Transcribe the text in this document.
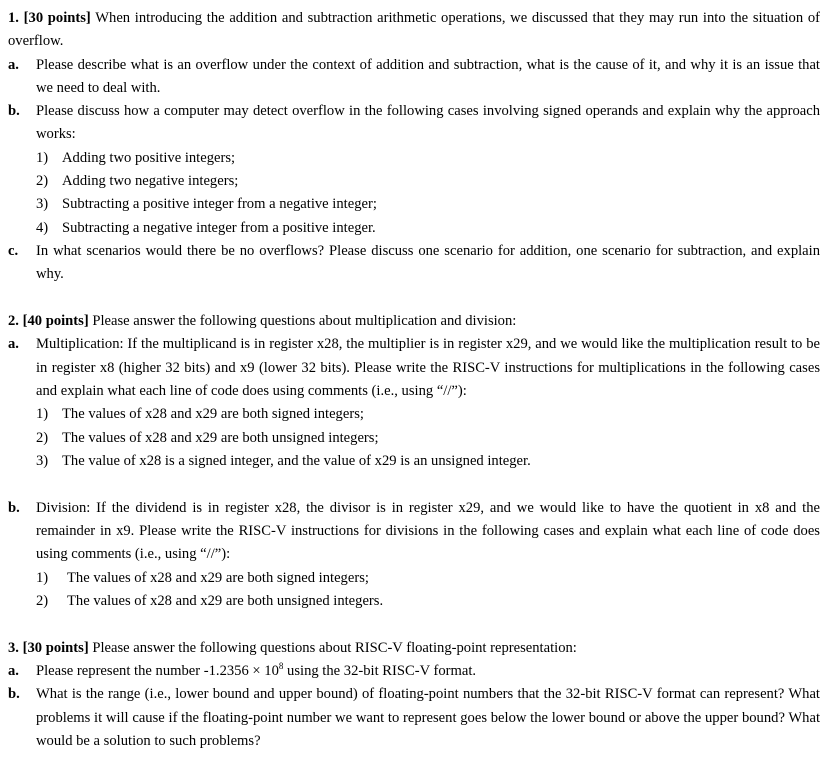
1. [30 points] When introducing the addition and subtraction arithmetic operations, we discussed that they may run into the situation of overflow.
a.	Please describe what is an overflow under the context of addition and subtraction, what is the cause of it, and why it is an issue that we need to deal with.
b.	Please discuss how a computer may detect overflow in the following cases involving signed operands and explain why the approach works:
1) Adding two positive integers;
2) Adding two negative integers;
3) Subtracting a positive integer from a negative integer;
4) Subtracting a negative integer from a positive integer.
c.	In what scenarios would there be no overflows? Please discuss one scenario for addition, one scenario for subtraction, and explain why.
2. [40 points] Please answer the following questions about multiplication and division:
a.	Multiplication: If the multiplicand is in register x28, the multiplier is in register x29, and we would like the multiplication result to be in register x8 (higher 32 bits) and x9 (lower 32 bits). Please write the RISC-V instructions for multiplications in the following cases and explain what each line of code does using comments (i.e., using “//”):
1) The values of x28 and x29 are both signed integers;
2) The values of x28 and x29 are both unsigned integers;
3) The value of x28 is a signed integer, and the value of x29 is an unsigned integer.
b.	Division: If the dividend is in register x28, the divisor is in register x29, and we would like to have the quotient in x8 and the remainder in x9. Please write the RISC-V instructions for divisions in the following cases and explain what each line of code does using comments (i.e., using “//”):
1)	The values of x28 and x29 are both signed integers;
2)	The values of x28 and x29 are both unsigned integers.
3. [30 points] Please answer the following questions about RISC-V floating-point representation:
a.	Please represent the number $-1.2356 \times 10^8$ using the 32-bit RISC-V format.
b.	What is the range (i.e., lower bound and upper bound) of floating-point numbers that the 32-bit RISC-V format can represent? What problems it will cause if the floating-point number we want to represent goes below the lower bound or above the upper bound? What would be a solution to such problems?
